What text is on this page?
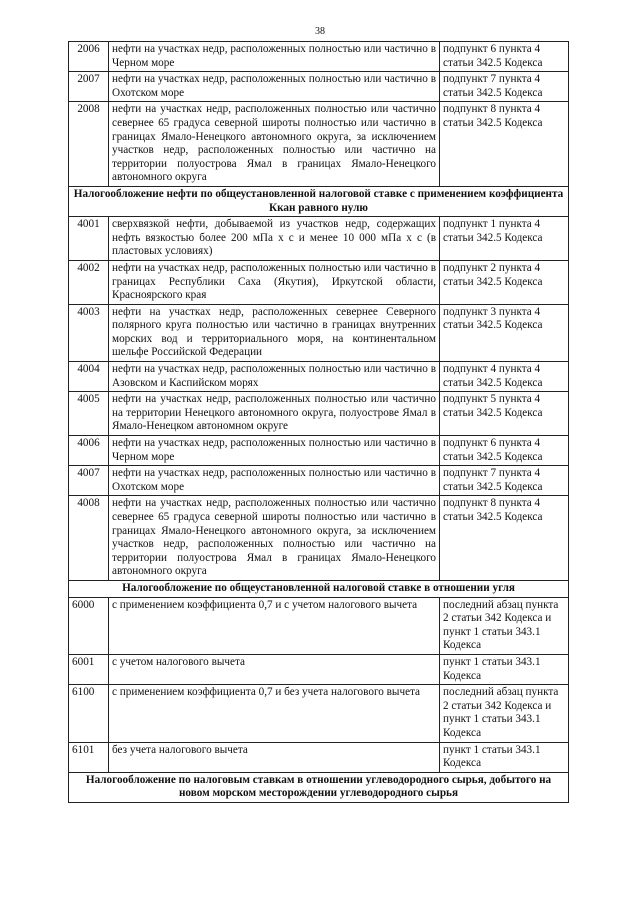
38
2006	нефти на участках недр, расположенных полностью или частично в Черном море	подпункт 6 пункта 4 статьи 342.5 Кодекса
2007	нефти на участках недр, расположенных полностью или частично в Охотском море	подпункт 7 пункта 4 статьи 342.5 Кодекса
2008	нефти на участках недр, расположенных полностью или частично севернее 65 градуса северной широты полностью или частично в границах Ямало-Ненецкого автономного округа, за исключением участков недр, расположенных полностью или частично на территории полуострова Ямал в границах Ямало-Ненецкого автономного округа	подпункт 8 пункта 4 статьи 342.5 Кодекса
Налогообложение нефти по общеустановленной налоговой ставке с применением коэффициента Ккан равного нулю		
4001	сверхвязкой нефти, добываемой из участков недр, содержащих нефть вязкостью более 200 мПа х с и менее 10 000 мПа х с (в пластовых условиях)	подпункт 1 пункта 4 статьи 342.5 Кодекса
4002	нефти на участках недр, расположенных полностью или частично в границах Республики Саха (Якутия), Иркутской области, Красноярского края	подпункт 2 пункта 4 статьи 342.5 Кодекса
4003	нефти на участках недр, расположенных севернее Северного полярного круга полностью или частично в границах внутренних морских вод и территориального моря, на континентальном шельфе Российской Федерации	подпункт 3 пункта 4 статьи 342.5 Кодекса
4004	нефти на участках недр, расположенных полностью или частично в Азовском и Каспийском морях	подпункт 4 пункта 4 статьи 342.5 Кодекса
4005	нефти на участках недр, расположенных полностью или частично на территории Ненецкого автономного округа, полуострове Ямал в Ямало-Ненецком автономном округе	подпункт 5 пункта 4 статьи 342.5 Кодекса
4006	нефти на участках недр, расположенных полностью или частично в Черном море	подпункт 6 пункта 4 статьи 342.5 Кодекса
4007	нефти на участках недр, расположенных полностью или частично в Охотском море	подпункт 7 пункта 4 статьи 342.5 Кодекса
4008	нефти на участках недр, расположенных полностью или частично севернее 65 градуса северной широты полностью или частично в границах Ямало-Ненецкого автономного округа, за исключением участков недр, расположенных полностью или частично на территории полуострова Ямал в границах Ямало-Ненецкого автономного округа	подпункт 8 пункта 4 статьи 342.5 Кодекса
Налогообложение по общеустановленной налоговой ставке в отношении угля		
6000	с применением коэффициента 0,7 и с учетом налогового вычета	последний абзац пункта 2 статьи 342 Кодекса и пункт 1 статьи 343.1 Кодекса
6001	с учетом налогового вычета	пункт 1 статьи 343.1 Кодекса
6100	с применением коэффициента 0,7 и без учета налогового вычета	последний абзац пункта 2 статьи 342 Кодекса и пункт 1 статьи 343.1 Кодекса
6101	без учета налогового вычета	пункт 1 статьи 343.1 Кодекса
Налогообложение по налоговым ставкам в отношении углеводородного сырья, добытого на новом морском месторождении углеводородного сырья		
